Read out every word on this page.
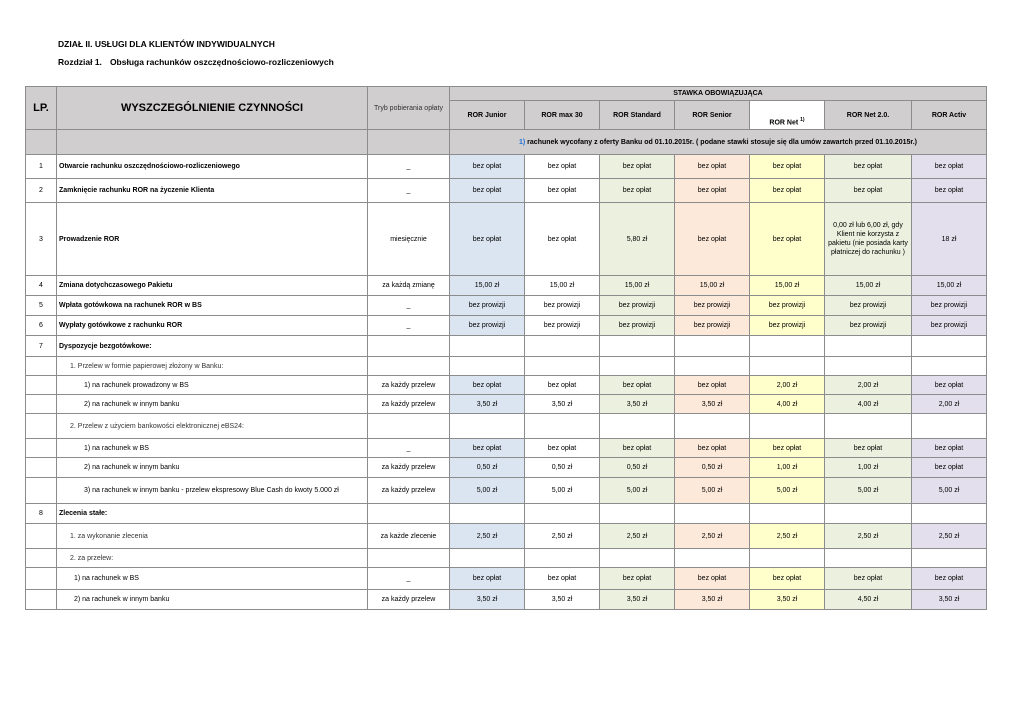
DZIAŁ II. USŁUGI DLA KLIENTÓW INDYWIDUALNYCH
Rozdział 1. Obsługa rachunków oszczędnościowo-rozliczeniowych
LP.	WYSZCZEGÓLNIENIE CZYNNOŚCI	Tryb pobierania opłaty	STAWKA OBOWIĄZUJĄCA						
			ROR Junior	ROR max 30	ROR Standard	ROR Senior	ROR Net $^{1)}$	ROR Net 2.0.	ROR Activ
			1) rachunek wycofany z oferty Banku od 01.10.2015r. ( podane stawki stosuje się dla umów zawartch przed 01.10.2015r.)						
1	Otwarcie rachunku oszczędnościowo-rozliczeniowego	_	bez opłat	bez opłat	bez opłat	bez opłat	bez opłat	bez opłat	bez opłat
2	Zamknięcie rachunku ROR na życzenie Klienta	_	bez opłat	bez opłat	bez opłat	bez opłat	bez opłat	bez opłat	bez opłat
3	Prowadzenie ROR	miesięcznie	bez opłat	bez opłat	5,80 zł	bez opłat	bez opłat	0,00 zł lub 6,00 zł, gdy Klient nie korzysta z pakietu (nie posiada karty płatniczej do rachunku )	18 zł
4	Zmiana dotychczasowego Pakietu	za każdą zmianę	15,00 zł	15,00 zł	15,00 zł	15,00 zł	15,00 zł	15,00 zł	15,00 zł
5	Wpłata gotówkowa na rachunek ROR w BS	_	bez prowizji	bez prowizji	bez prowizji	bez prowizji	bez prowizji	bez prowizji	bez prowizji
6	Wypłaty gotówkowe z rachunku ROR	_	bez prowizji	bez prowizji	bez prowizji	bez prowizji	bez prowizji	bez prowizji	bez prowizji
7	Dyspozycje bezgotówkowe:								
	1. Przelew w formie papierowej złożony w Banku:								
	1) na rachunek prowadzony w BS	za każdy przelew	bez opłat	bez opłat	bez opłat	bez opłat	2,00 zł	2,00 zł	bez opłat
	2) na rachunek w innym banku	za każdy przelew	3,50 zł	3,50 zł	3,50 zł	3,50 zł	4,00 zł	4,00 zł	2,00 zł
	2. Przelew z użyciem bankowości elektronicznej eBS24:								
	1) na rachunek w BS	_	bez opłat	bez opłat	bez opłat	bez opłat	bez opłat	bez opłat	bez opłat
	2) na rachunek w innym banku	za każdy przelew	0,50 zł	0,50 zł	0,50 zł	0,50 zł	1,00 zł	1,00 zł	bez opłat
	3) na rachunek w innym banku - przelew ekspresowy Blue Cash do kwoty 5.000 zł	za każdy przelew	5,00 zł	5,00 zł	5,00 zł	5,00 zł	5,00 zł	5,00 zł	5,00 zł
8	Zlecenia stałe:								
	1. za wykonanie zlecenia	za każde zlecenie	2,50 zł	2,50 zł	2,50 zł	2,50 zł	2,50 zł	2,50 zł	2,50 zł
	2. za przelew:								
	1) na rachunek w BS	_	bez opłat	bez opłat	bez opłat	bez opłat	bez opłat	bez opłat	bez opłat
	2) na rachunek w innym banku	za każdy przelew	3,50 zł	3,50 zł	3,50 zł	3,50 zł	3,50 zł	4,50 zł	3,50 zł
